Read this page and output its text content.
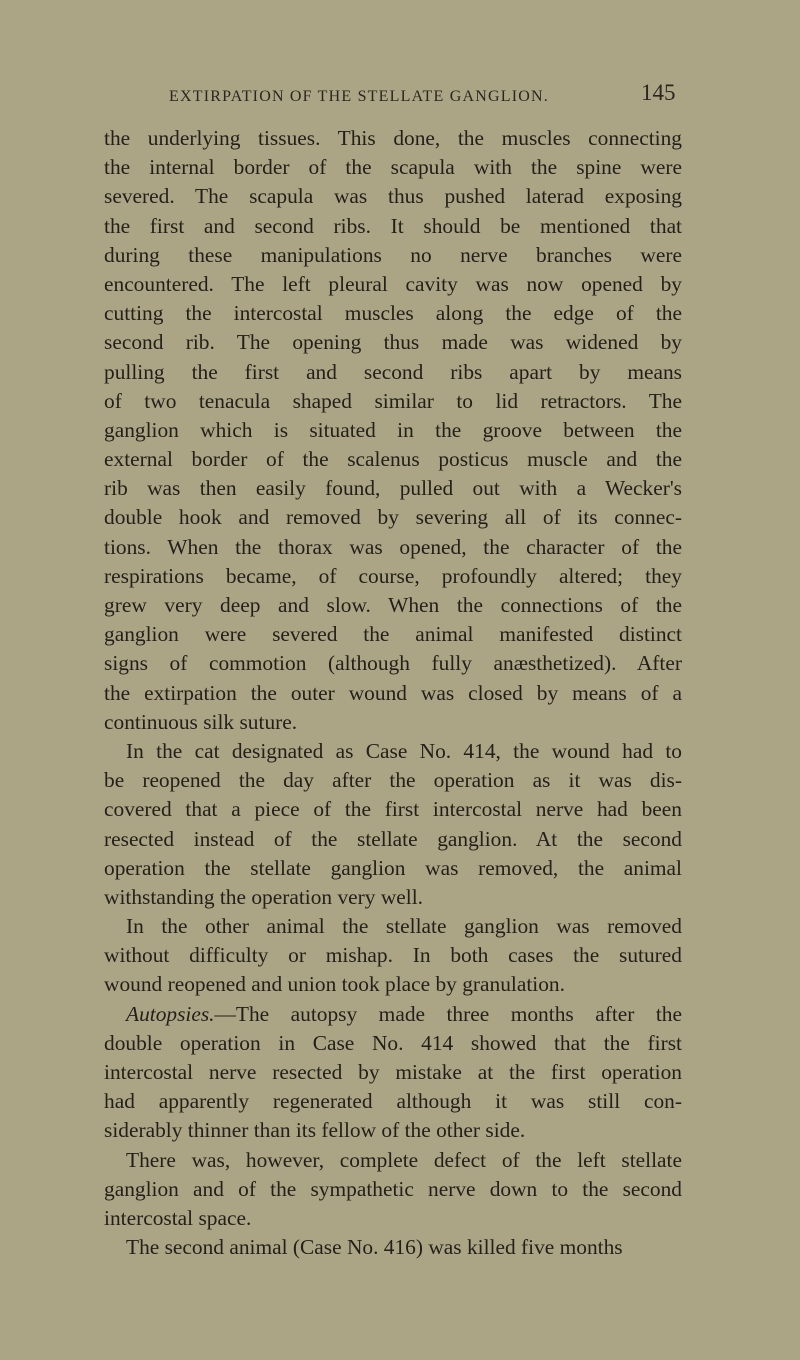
EXTIRPATION OF THE STELLATE GANGLION.	145
the underlying tissues. This done, the muscles connecting
the internal border of the scapula with the spine were
severed. The scapula was thus pushed laterad exposing
the first and second ribs. It should be mentioned that
during these manipulations no nerve branches were
encountered. The left pleural cavity was now opened by
cutting the intercostal muscles along the edge of the
second rib. The opening thus made was widened by
pulling the first and second ribs apart by means
of two tenacula shaped similar to lid retractors. The
ganglion which is situated in the groove between the
external border of the scalenus posticus muscle and the
rib was then easily found, pulled out with a Wecker's
double hook and removed by severing all of its connec-
tions. When the thorax was opened, the character of the
respirations became, of course, profoundly altered; they
grew very deep and slow. When the connections of the
ganglion were severed the animal manifested distinct
signs of commotion (although fully anæsthetized). After
the extirpation the outer wound was closed by means of a
continuous silk suture.
In the cat designated as Case No. 414, the wound had to
be reopened the day after the operation as it was dis-
covered that a piece of the first intercostal nerve had been
resected instead of the stellate ganglion. At the second
operation the stellate ganglion was removed, the animal
withstanding the operation very well.
In the other animal the stellate ganglion was removed
without difficulty or mishap. In both cases the sutured
wound reopened and union took place by granulation.
Autopsies.—The autopsy made three months after the
double operation in Case No. 414 showed that the first
intercostal nerve resected by mistake at the first operation
had apparently regenerated although it was still con-
siderably thinner than its fellow of the other side.
There was, however, complete defect of the left stellate
ganglion and of the sympathetic nerve down to the second
intercostal space.
The second animal (Case No. 416) was killed five months
